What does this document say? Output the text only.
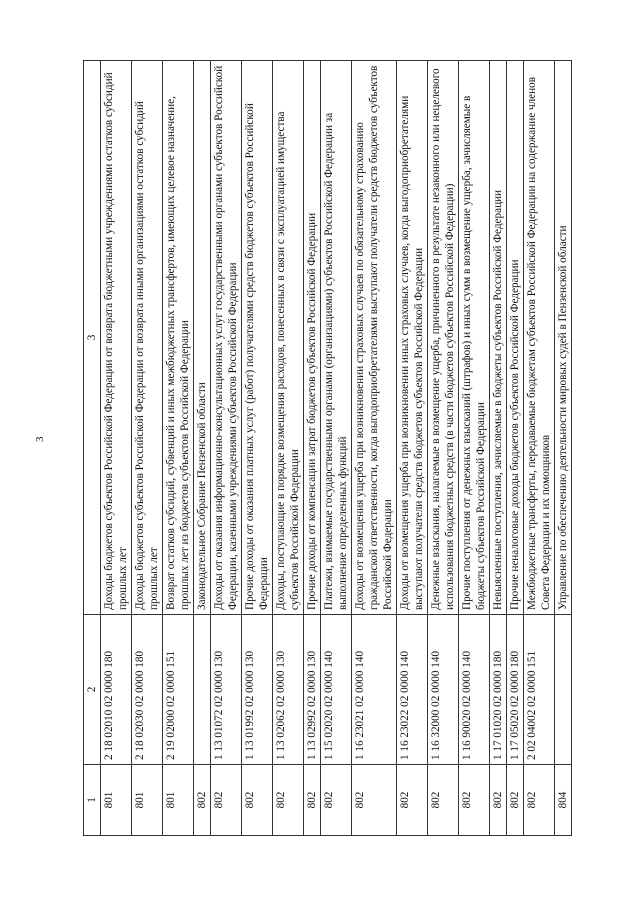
3
1	2	3
801	2 18 02010 02 0000 180	Доходы бюджетов субъектов Российской Федерации от возврата бюджетными учреждениями остатков субсидий прошлых лет
801	2 18 02030 02 0000 180	Доходы бюджетов субъектов Российской Федерации от возврата иными организациями остатков субсидий прошлых лет
801	2 19 02000 02 0000 151	Возврат остатков субсидий, субвенций и иных межбюджетных трансфертов, имеющих целевое назначение, прошлых лет из бюджетов субъектов Российской Федерации
802		Законодательное Собрание Пензенской области
802	1 13 01072 02 0000 130	Доходы от оказания информационно-консультационных услуг государственными органами субъектов Российской Федерации, казенными учреждениями субъектов Российской Федерации
802	1 13 01992 02 0000 130	Прочие доходы от оказания платных услуг (работ) получателями средств бюджетов субъектов Российской Федерации
802	1 13 02062 02 0000 130	Доходы, поступающие в порядке возмещения расходов, понесенных в связи с эксплуатацией имущества субъектов Российской Федерации
802	1 13 02992 02 0000 130	Прочие доходы от компенсации затрат бюджетов субъектов Российской Федерации
802	1 15 02020 02 0000 140	Платежи, взимаемые государственными органами (организациями) субъектов Российской Федерации за выполнение определенных функций
802	1 16 23021 02 0000 140	Доходы от возмещения ущерба при возникновении страховых случаев по обязательному страхованию гражданской ответственности, когда выгодоприобретателями выступают получатели средств бюджетов субъектов Российской Федерации
802	1 16 23022 02 0000 140	Доходы от возмещения ущерба при возникновении иных страховых случаев, когда выгодоприобретателями выступают получатели средств бюджетов субъектов Российской Федерации
802	1 16 32000 02 0000 140	Денежные взыскания, налагаемые в возмещение ущерба, причиненного в результате незаконного или нецелевого использования бюджетных средств (в части бюджетов субъектов Российской Федерации)
802	1 16 90020 02 0000 140	Прочие поступления от денежных взысканий (штрафов) и иных сумм в возмещение ущерба, зачисляемые в бюджеты субъектов Российской Федерации
802	1 17 01020 02 0000 180	Невыясненные поступления, зачисляемые в бюджеты субъектов Российской Федерации
802	1 17 05020 02 0000 180	Прочие неналоговые доходы бюджетов субъектов Российской Федерации
802	2 02 04002 02 0000 151	Межбюджетные трансферты, передаваемые бюджетам субъектов Российской Федерации на содержание членов Совета Федерации и их помощников
804		Управление по обеспечению деятельности мировых судей в Пензенской области
